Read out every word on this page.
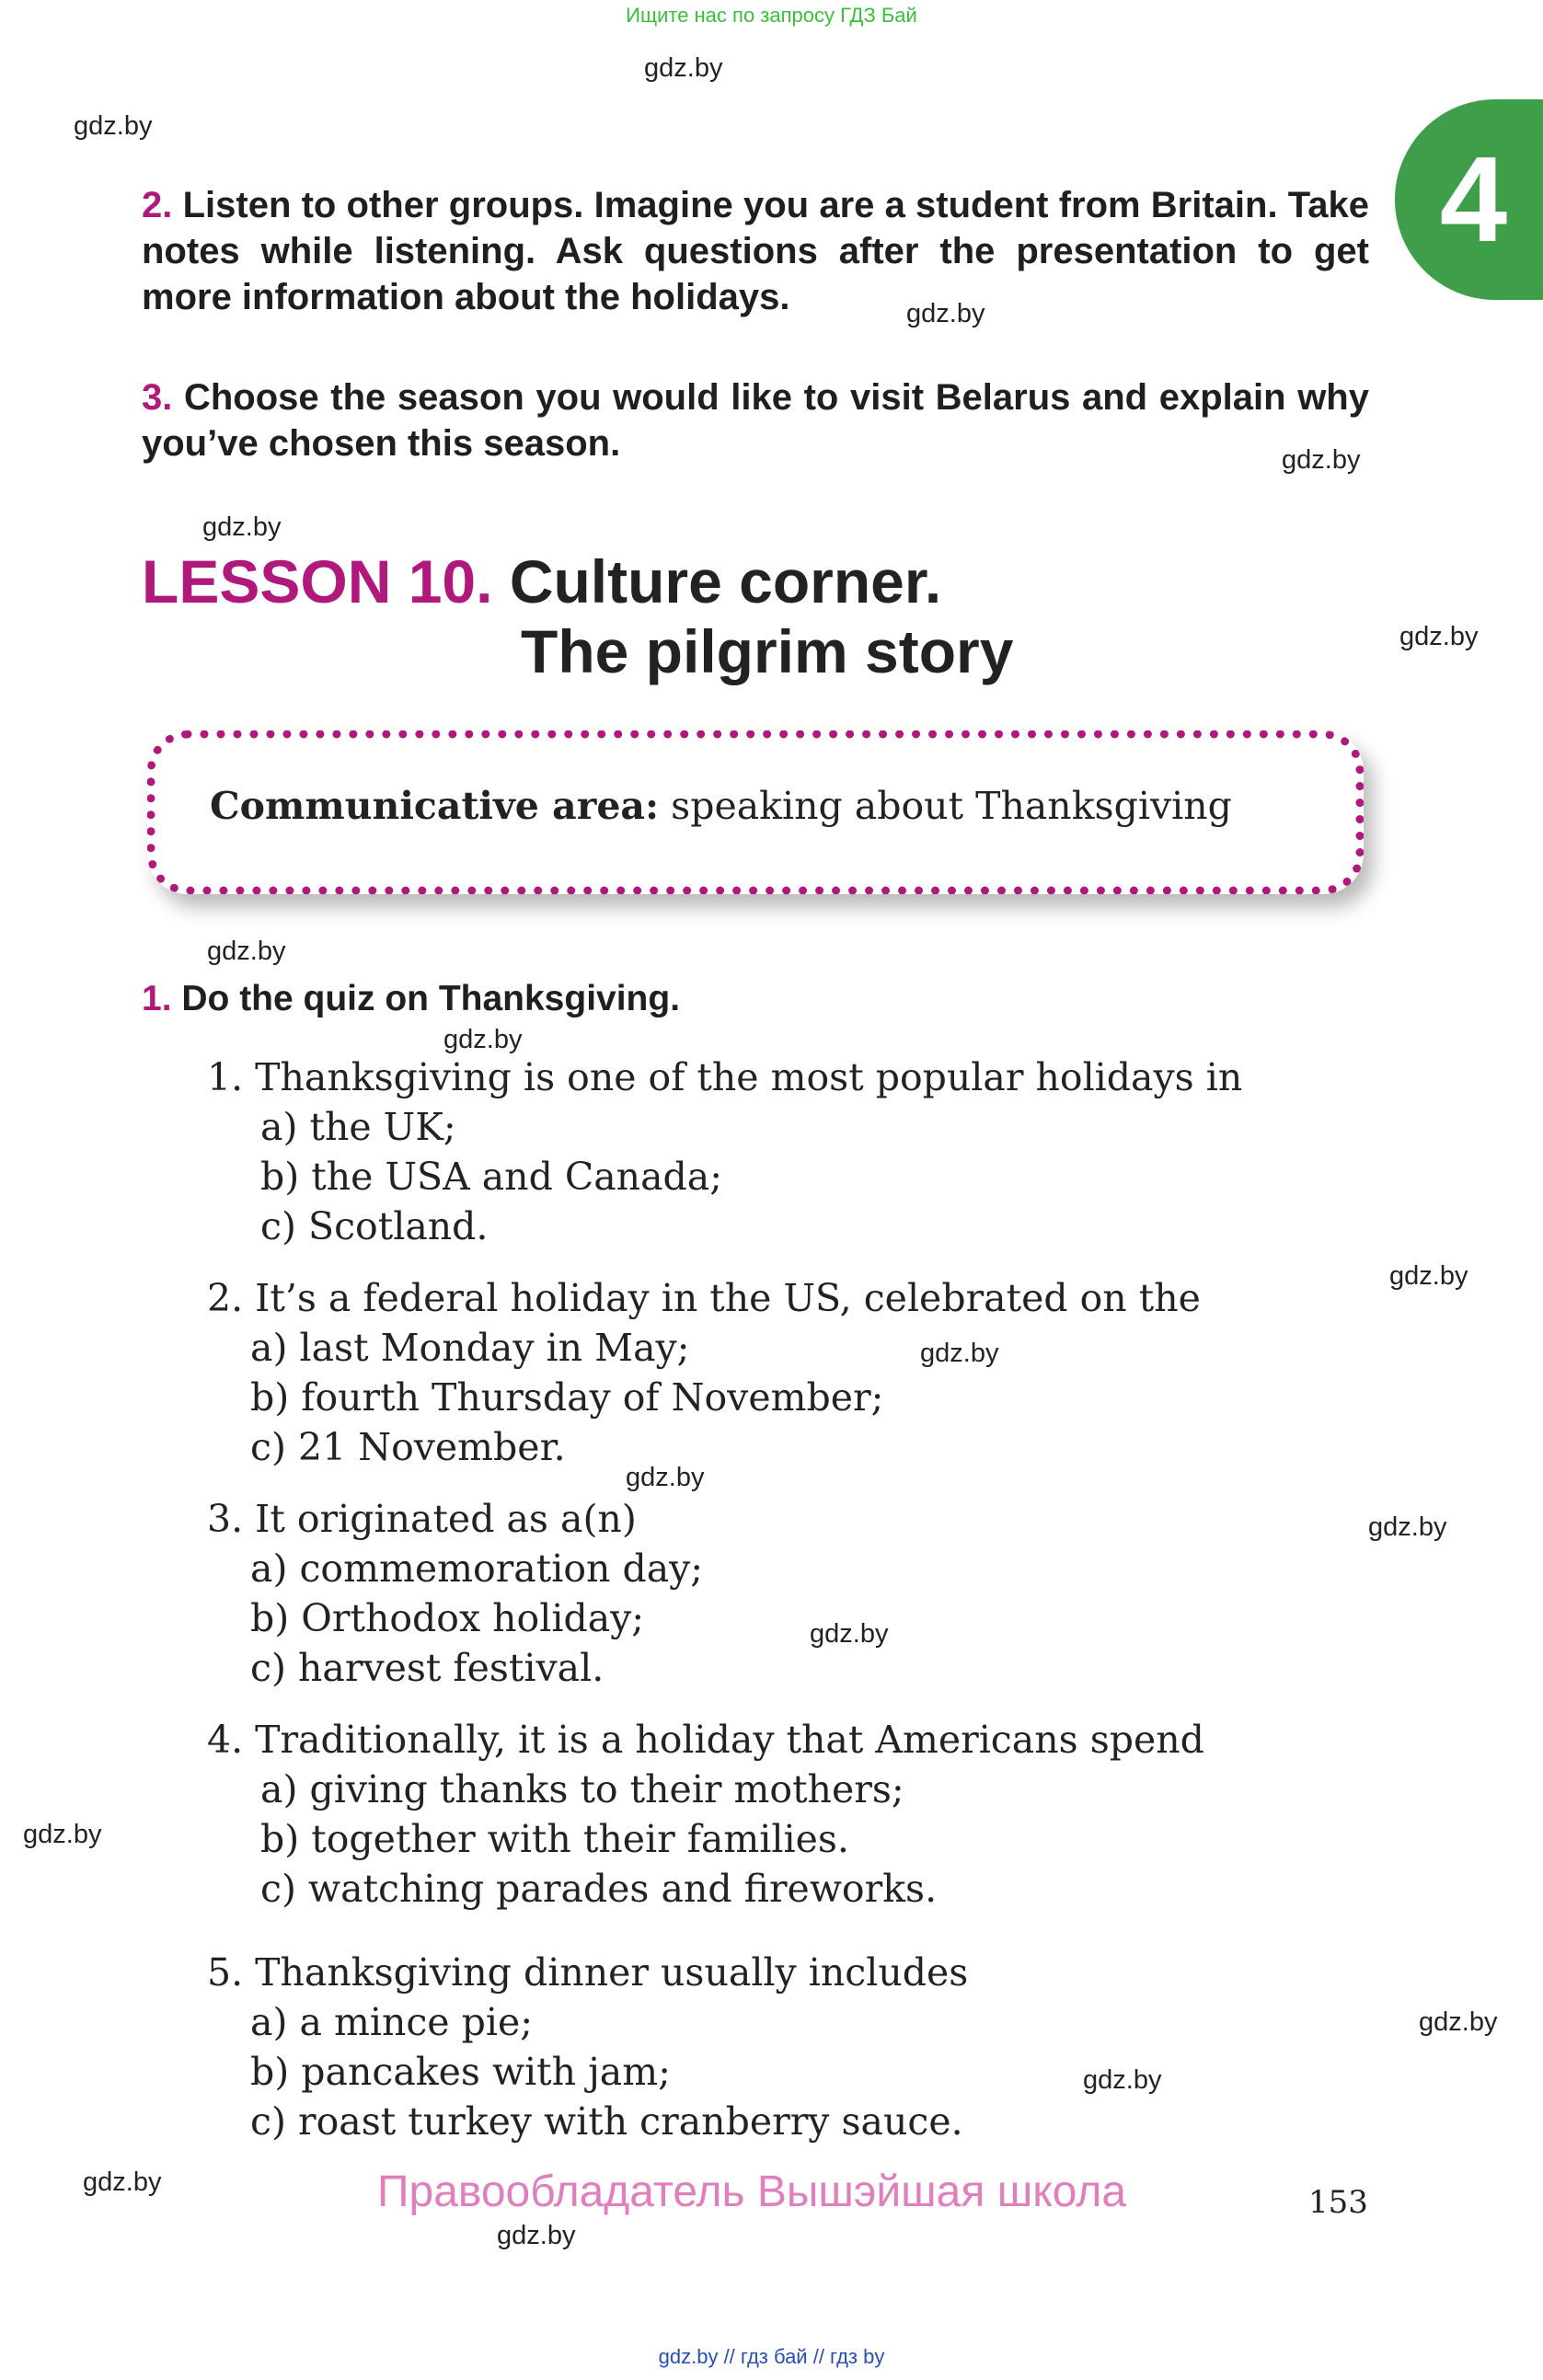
Ищите нас по запросу ГДЗ Бай
4
gdz.by
gdz.by
gdz.by
gdz.by
gdz.by
gdz.by
gdz.by
gdz.by
gdz.by
gdz.by
gdz.by
gdz.by
gdz.by
gdz.by
gdz.by
gdz.by
gdz.by
gdz.by
2. Listen to other groups. Imagine you are a student from Britain. Take notes while listening. Ask questions after the presentation to get more information about the holidays.
3. Choose the season you would like to visit Belarus and explain why you’ve chosen this season.
LESSON 10. Culture corner.
The pilgrim story
Communicative area: speaking about Thanksgiving
1. Do the quiz on Thanksgiving.
1. Thanksgiving is one of the most popular holidays in
a) the UK;
b) the USA and Canada;
c) Scotland.
2. It’s a federal holiday in the US, celebrated on the
a) last Monday in May;
b) fourth Thursday of November;
c) 21 November.
3. It originated as a(n)
a) commemoration day;
b) Orthodox holiday;
c) harvest festival.
4. Traditionally, it is a holiday that Americans spend
a) giving thanks to their mothers;
b) together with their families.
c) watching parades and fireworks.
5. Thanksgiving dinner usually includes
a) a mince pie;
b) pancakes with jam;
c) roast turkey with cranberry sauce.
Правообладатель Вышэйшая школа	153
gdz.by // гдз бай // гдз by
